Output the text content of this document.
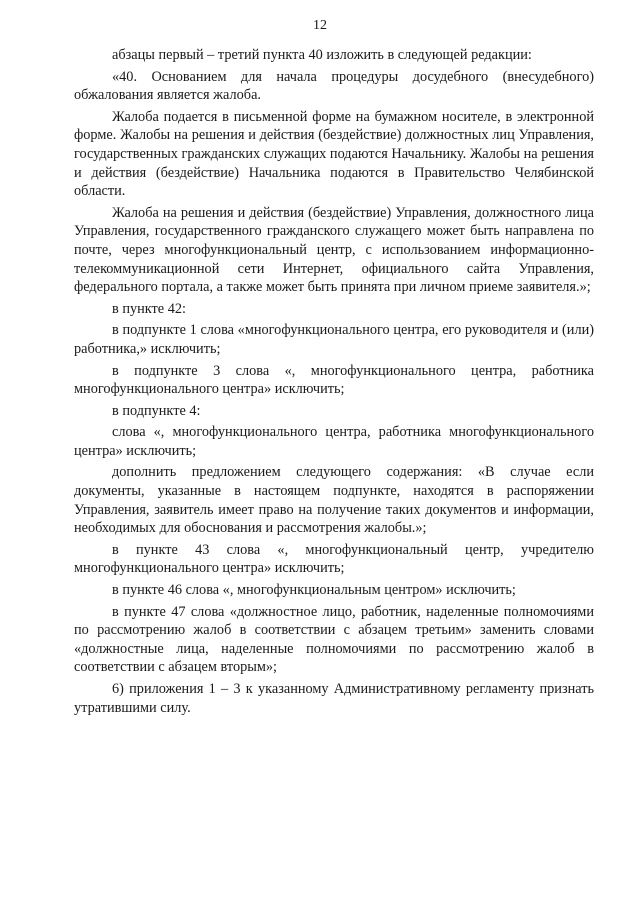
12

абзацы первый – третий пункта 40 изложить в следующей редакции:

«40. Основанием для начала процедуры досудебного (внесудебного) обжалования является жалоба.

Жалоба подается в письменной форме на бумажном носителе, в электронной форме. Жалобы на решения и действия (бездействие) должностных лиц Управления, государственных гражданских служащих подаются Начальнику. Жалобы на решения и действия (бездействие) Начальника подаются в Правительство Челябинской области.

Жалоба на решения и действия (бездействие) Управления, должностного лица Управления, государственного гражданского служащего может быть направлена по почте, через многофункциональный центр, с использованием информационно-телекоммуникационной сети Интернет, официального сайта Управления, федерального портала, а также может быть принята при личном приеме заявителя.»;

в пункте 42:

в подпункте 1 слова «многофункционального центра, его руководителя и (или) работника,» исключить;

в подпункте 3 слова «, многофункционального центра, работника многофункционального центра» исключить;

в подпункте 4:

слова «, многофункционального центра, работника многофункционального центра» исключить;

дополнить предложением следующего содержания: «В случае если документы, указанные в настоящем подпункте, находятся в распоряжении Управления, заявитель имеет право на получение таких документов и информации, необходимых для обоснования и рассмотрения жалобы.»;

в пункте 43 слова «, многофункциональный центр, учредителю многофункционального центра» исключить;

в пункте 46 слова «, многофункциональным центром» исключить;

в пункте 47 слова «должностное лицо, работник, наделенные полномочиями по рассмотрению жалоб в соответствии с абзацем третьим» заменить словами «должностные лица, наделенные полномочиями по рассмотрению жалоб в соответствии с абзацем вторым»;

6) приложения 1 – 3 к указанному Административному регламенту признать утратившими силу.
